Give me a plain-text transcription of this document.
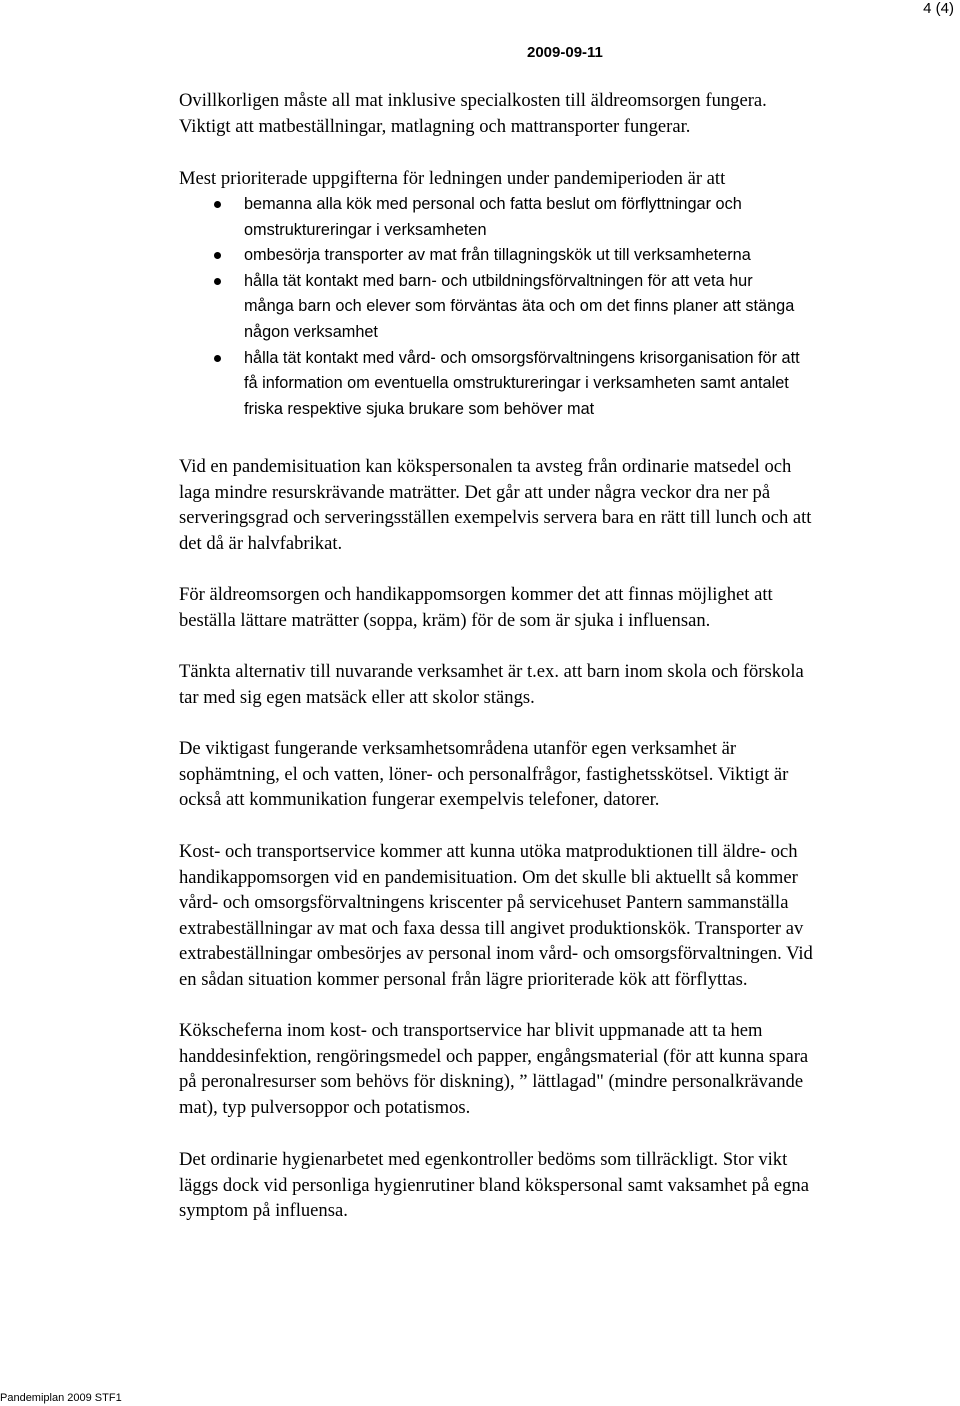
4 (4)
2009-09-11

Ovillkorligen måste all mat inklusive specialkosten till äldreomsorgen fungera.

Viktigt att matbeställningar, matlagning och mattransporter fungerar.

Mest prioriterade uppgifterna för ledningen under pandemiperioden är att

bemanna alla kök med personal och fatta beslut om förflyttningar och
omstruktureringar i verksamheten
ombesörja transporter av mat från tillagningskök ut till verksamheterna
hålla tät kontakt med barn- och utbildningsförvaltningen för att veta hur
många barn och elever som förväntas äta och om det finns planer att stänga
någon verksamhet
hålla tät kontakt med vård- och omsorgsförvaltningens krisorganisation för att
få information om eventuella omstruktureringar i verksamheten samt antalet
friska respektive sjuka brukare som behöver mat

Vid en pandemisituation kan kökspersonalen ta avsteg från ordinarie matsedel och

laga mindre resurskrävande maträtter. Det går att under några veckor dra ner på

serveringsgrad och serveringsställen exempelvis servera bara en rätt till lunch och att

det då är halvfabrikat.

För äldreomsorgen och handikappomsorgen kommer det att finnas möjlighet att

beställa lättare maträtter (soppa, kräm) för de som är sjuka i influensan.

Tänkta alternativ till nuvarande verksamhet är t.ex. att barn inom skola och förskola

tar med sig egen matsäck eller att skolor stängs.

De viktigast fungerande verksamhetsområdena utanför egen verksamhet är

sophämtning, el och vatten, löner- och personalfrågor, fastighetsskötsel. Viktigt är

också att kommunikation fungerar exempelvis telefoner, datorer.

Kost- och transportservice kommer att kunna utöka matproduktionen till äldre- och

handikappomsorgen vid en pandemisituation. Om det skulle bli aktuellt så kommer

vård- och omsorgsförvaltningens kriscenter på servicehuset Pantern sammanställa

extrabeställningar av mat och faxa dessa till angivet produktionskök. Transporter av

extrabeställningar ombesörjes av personal inom vård- och omsorgsförvaltningen. Vid

en sådan situation kommer personal från lägre prioriterade kök att förflyttas.

Kökscheferna inom kost- och transportservice har blivit uppmanade att ta hem

handdesinfektion, rengöringsmedel och papper, engångsmaterial (för att kunna spara

på peronalresurser som behövs för diskning), ” lättlagad" (mindre personalkrävande

mat), typ pulversoppor och potatismos.

Det ordinarie hygienarbetet med egenkontroller bedöms som tillräckligt. Stor vikt

läggs dock vid personliga hygienrutiner bland kökspersonal samt vaksamhet på egna

symptom på influensa.

Pandemiplan 2009 STF1
